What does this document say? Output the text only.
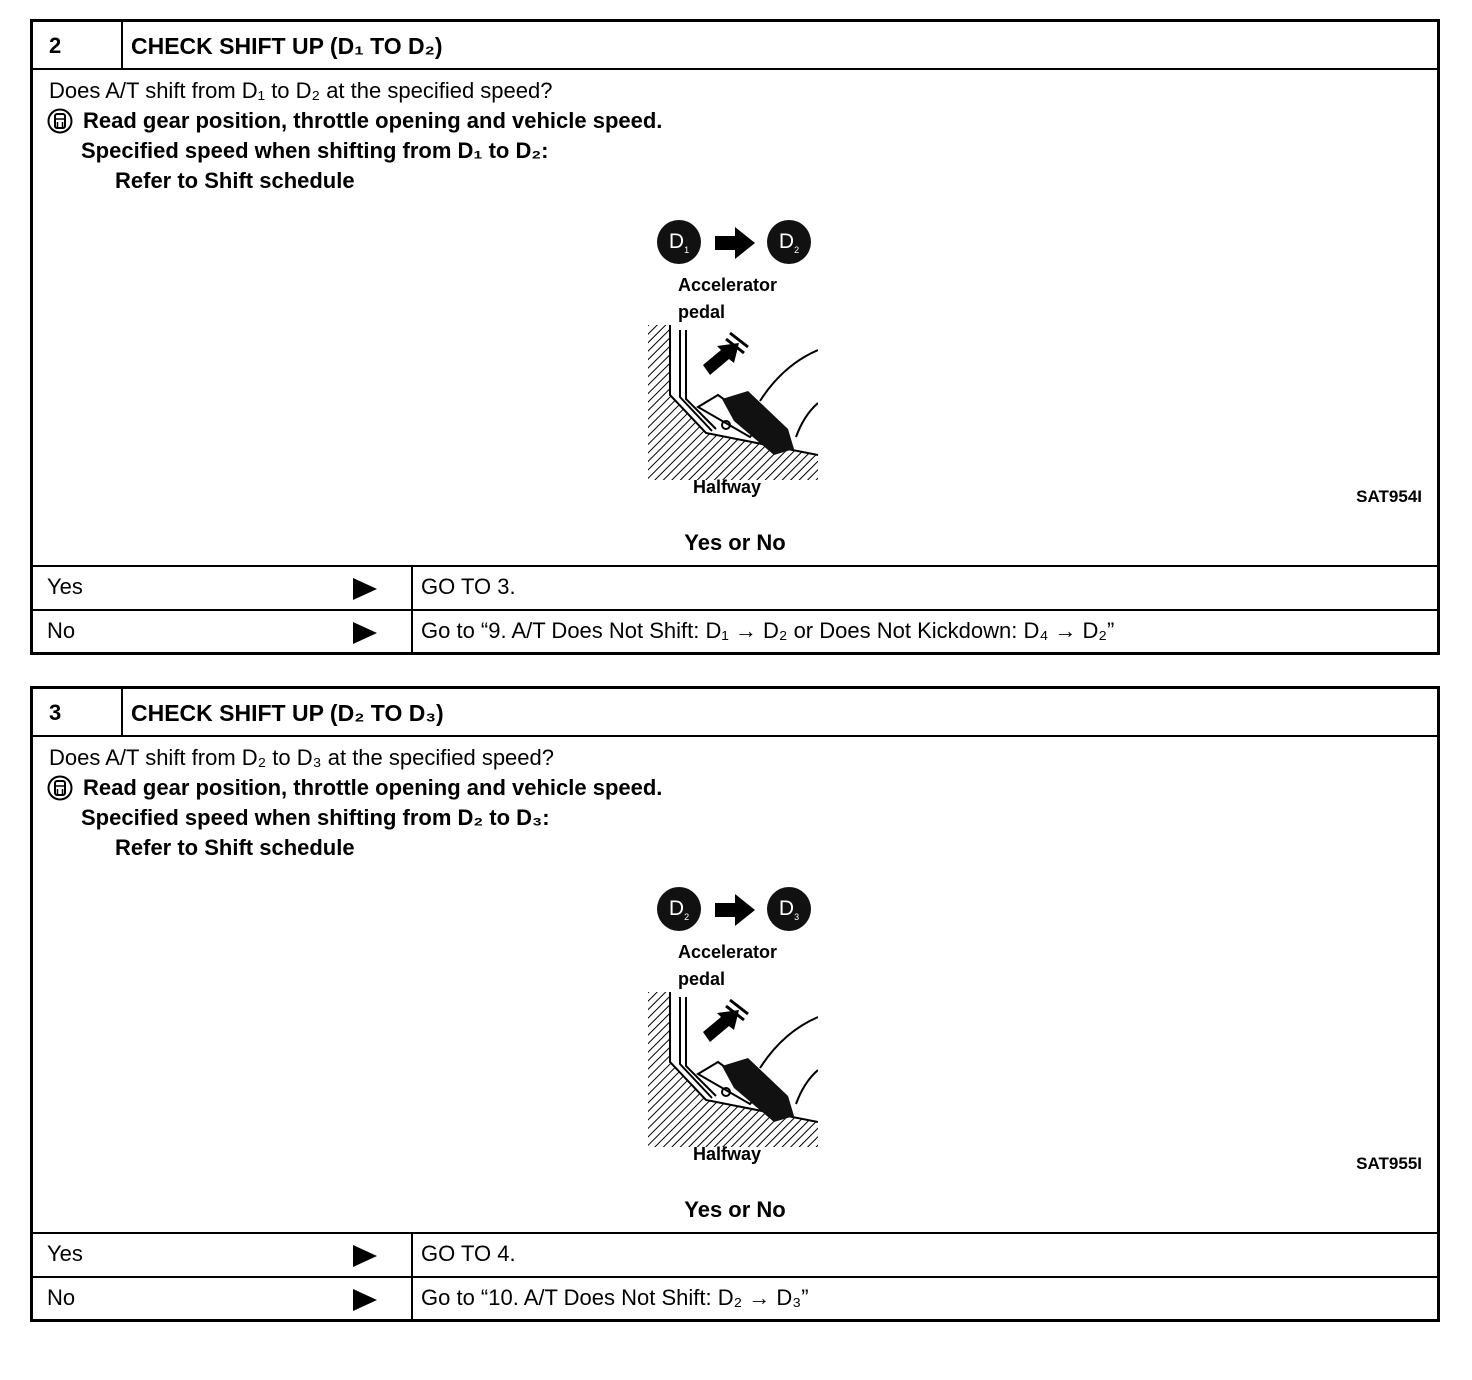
2	CHECK SHIFT UP (D₁ TO D₂)
Does A/T shift from D₁ to D₂ at the specified speed?
Read gear position, throttle opening and vehicle speed.
Specified speed when shifting from D₁ to D₂:
Refer to Shift schedule
$D_1$	$D_2$
Accelerator
pedal
Halfway	SAT954I
Yes or No
Yes	GO TO 3.
No	Go to “9. A/T Does Not Shift: D₁ → D₂ or Does Not Kickdown: D₄ → D₂”
3	CHECK SHIFT UP (D₂ TO D₃)
Does A/T shift from D₂ to D₃ at the specified speed?
Read gear position, throttle opening and vehicle speed.
Specified speed when shifting from D₂ to D₃:
Refer to Shift schedule
$D_2$	$D_3$
Accelerator
pedal
Halfway	SAT955I
Yes or No
Yes	GO TO 4.
No	Go to “10. A/T Does Not Shift: D₂ → D₃”
